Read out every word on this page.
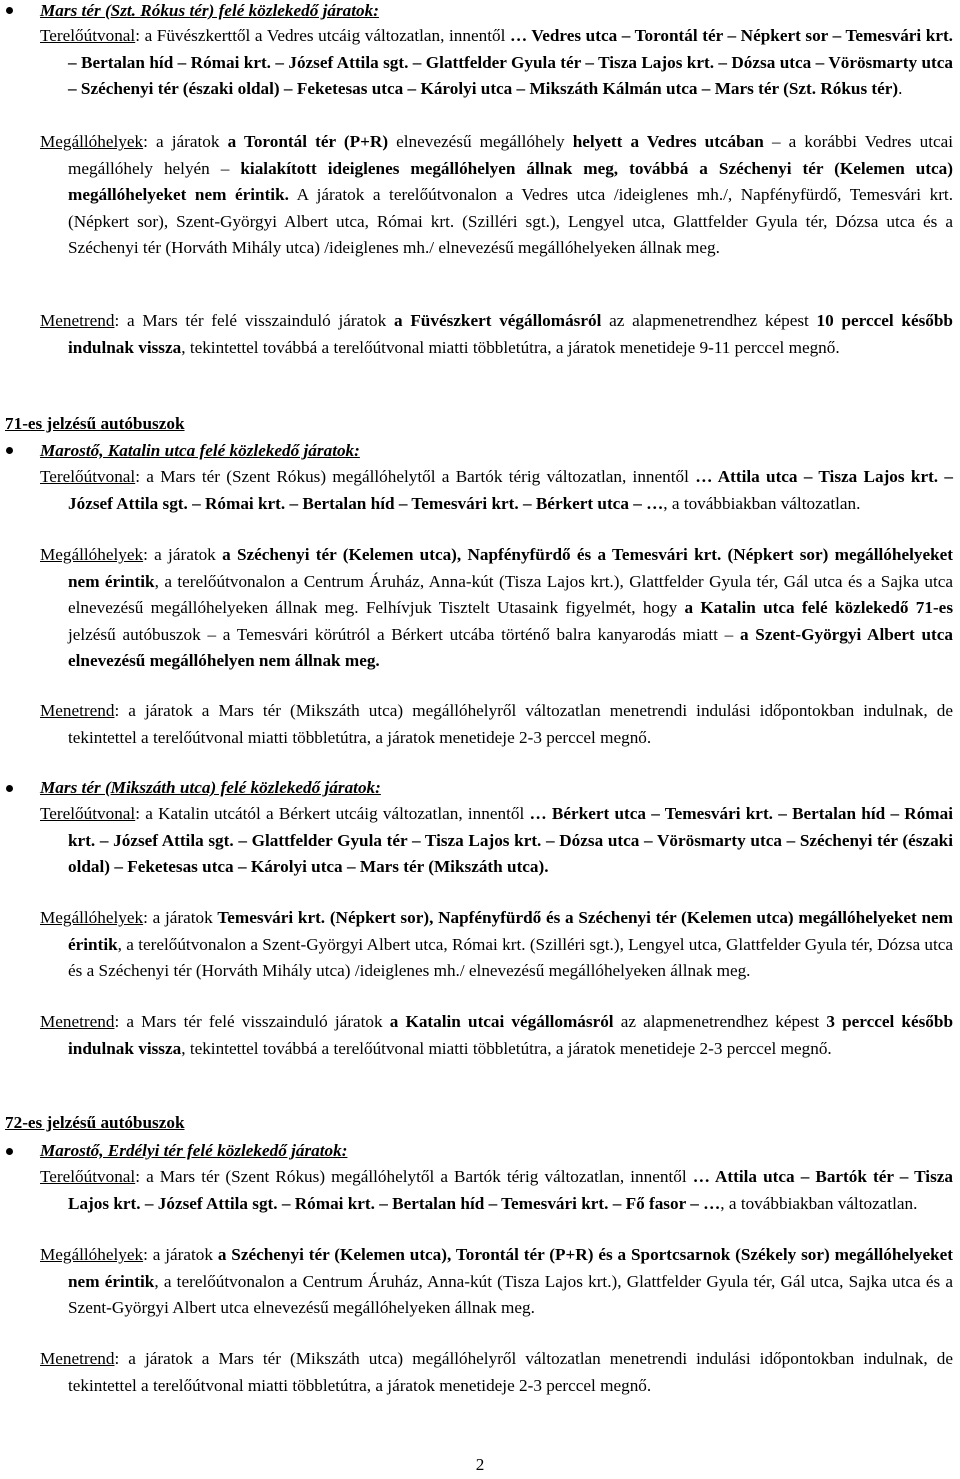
Mars tér (Szt. Rókus tér) felé közlekedő járatok:
Terelőútvonal: a Füvészkerttől a Vedres utcáig változatlan, innentől … Vedres utca – Torontál tér – Népkert sor – Temesvári krt. – Bertalan híd – Római krt. – József Attila sgt. – Glattfelder Gyula tér – Tisza Lajos krt. – Dózsa utca – Vörösmarty utca – Széchenyi tér (északi oldal) – Feketesas utca – Károlyi utca – Mikszáth Kálmán utca – Mars tér (Szt. Rókus tér).
Megállóhelyek: a járatok a Torontál tér (P+R) elnevezésű megállóhely helyett a Vedres utcában – a korábbi Vedres utcai megállóhely helyén – kialakított ideiglenes megállóhelyen állnak meg, továbbá a Széchenyi tér (Kelemen utca) megállóhelyeket nem érintik. A járatok a terelőútvonalon a Vedres utca /ideiglenes mh./, Napfényfürdő, Temesvári krt. (Népkert sor), Szent-Györgyi Albert utca, Római krt. (Szilléri sgt.), Lengyel utca, Glattfelder Gyula tér, Dózsa utca és a Széchenyi tér (Horváth Mihály utca) /ideiglenes mh./ elnevezésű megállóhelyeken állnak meg.
Menetrend: a Mars tér felé visszainduló járatok a Füvészkert végállomásról az alapmenetrendhez képest 10 perccel később indulnak vissza, tekintettel továbbá a terelőútvonal miatti többletútra, a járatok menetideje 9-11 perccel megnő.
71-es jelzésű autóbuszok
Marostő, Katalin utca felé közlekedő járatok:
Terelőútvonal: a Mars tér (Szent Rókus) megállóhelytől a Bartók térig változatlan, innentől … Attila utca – Tisza Lajos krt. – József Attila sgt. – Római krt. – Bertalan híd – Temesvári krt. – Bérkert utca – …, a továbbiakban változatlan.
Megállóhelyek: a járatok a Széchenyi tér (Kelemen utca), Napfényfürdő és a Temesvári krt. (Népkert sor) megállóhelyeket nem érintik, a terelőútvonalon a Centrum Áruház, Anna-kút (Tisza Lajos krt.), Glattfelder Gyula tér, Gál utca és a Sajka utca elnevezésű megállóhelyeken állnak meg. Felhívjuk Tisztelt Utasaink figyelmét, hogy a Katalin utca felé közlekedő 71-es jelzésű autóbuszok – a Temesvári körútról a Bérkert utcába történő balra kanyarodás miatt – a Szent-Györgyi Albert utca elnevezésű megállóhelyen nem állnak meg.
Menetrend: a járatok a Mars tér (Mikszáth utca) megállóhelyről változatlan menetrendi indulási időpontokban indulnak, de tekintettel a terelőútvonal miatti többletútra, a járatok menetideje 2-3 perccel megnő.
Mars tér (Mikszáth utca) felé közlekedő járatok:
Terelőútvonal: a Katalin utcától a Bérkert utcáig változatlan, innentől … Bérkert utca – Temesvári krt. – Bertalan híd – Római krt. – József Attila sgt. – Glattfelder Gyula tér – Tisza Lajos krt. – Dózsa utca – Vörösmarty utca – Széchenyi tér (északi oldal) – Feketesas utca – Károlyi utca – Mars tér (Mikszáth utca).
Megállóhelyek: a járatok Temesvári krt. (Népkert sor), Napfényfürdő és a Széchenyi tér (Kelemen utca) megállóhelyeket nem érintik, a terelőútvonalon a Szent-Györgyi Albert utca, Római krt. (Szilléri sgt.), Lengyel utca, Glattfelder Gyula tér, Dózsa utca és a Széchenyi tér (Horváth Mihály utca) /ideiglenes mh./ elnevezésű megállóhelyeken állnak meg.
Menetrend: a Mars tér felé visszainduló járatok a Katalin utcai végállomásról az alapmenetrendhez képest 3 perccel később indulnak vissza, tekintettel továbbá a terelőútvonal miatti többletútra, a járatok menetideje 2-3 perccel megnő.
72-es jelzésű autóbuszok
Marostő, Erdélyi tér felé közlekedő járatok:
Terelőútvonal: a Mars tér (Szent Rókus) megállóhelytől a Bartók térig változatlan, innentől … Attila utca – Bartók tér – Tisza Lajos krt. – József Attila sgt. – Római krt. – Bertalan híd – Temesvári krt. – Fő fasor – …, a továbbiakban változatlan.
Megállóhelyek: a járatok a Széchenyi tér (Kelemen utca), Torontál tér (P+R) és a Sportcsarnok (Székely sor) megállóhelyeket nem érintik, a terelőútvonalon a Centrum Áruház, Anna-kút (Tisza Lajos krt.), Glattfelder Gyula tér, Gál utca, Sajka utca és a Szent-Györgyi Albert utca elnevezésű megállóhelyeken állnak meg.
Menetrend: a járatok a Mars tér (Mikszáth utca) megállóhelyről változatlan menetrendi indulási időpontokban indulnak, de tekintettel a terelőútvonal miatti többletútra, a járatok menetideje 2-3 perccel megnő.
2
